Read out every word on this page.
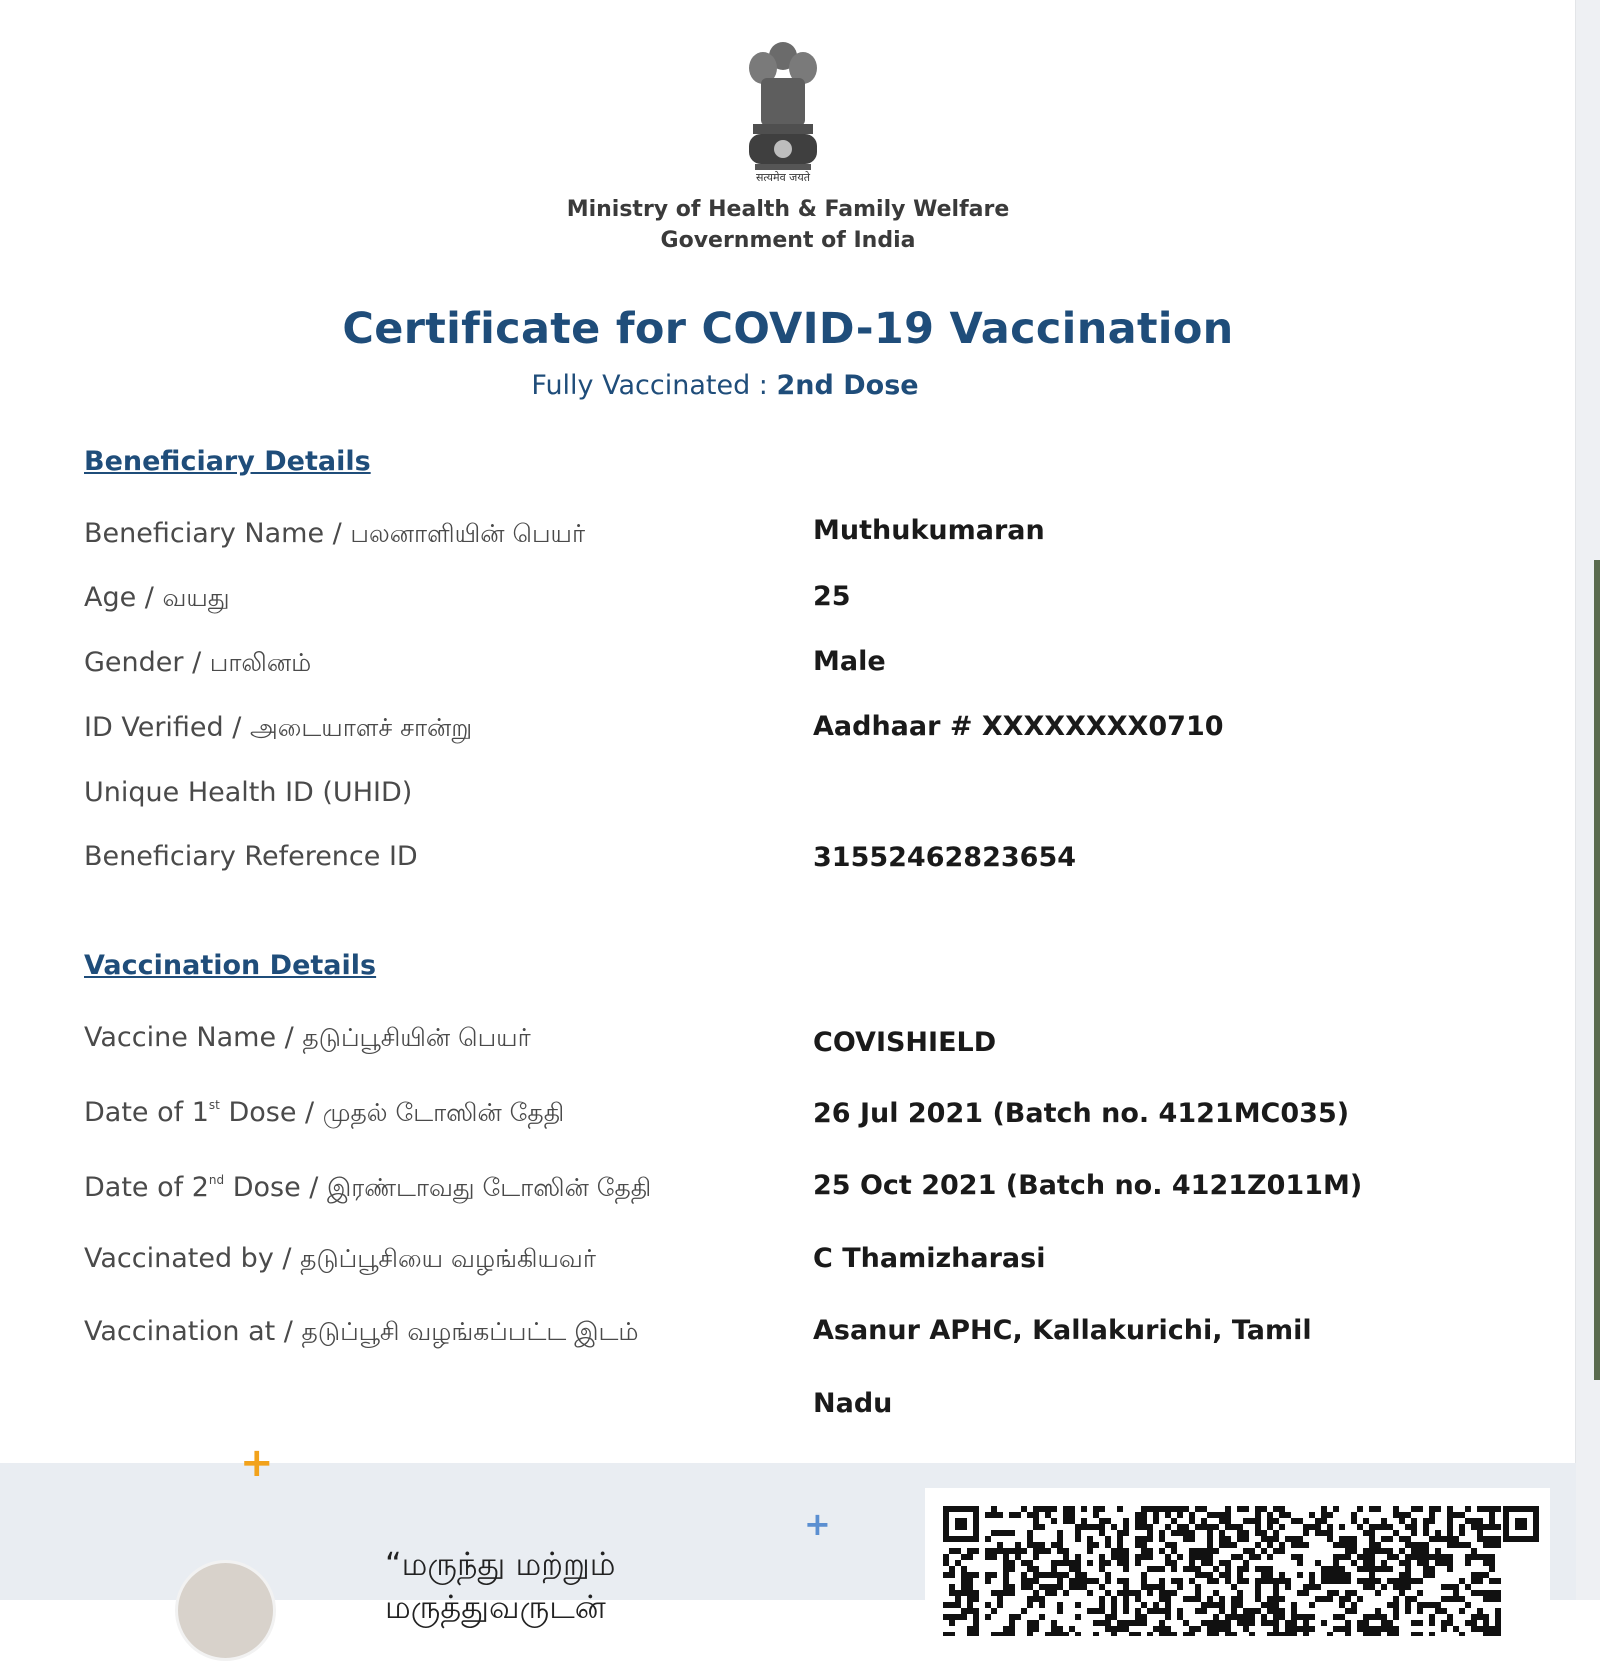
सत्यमेव जयते
Ministry of Health & Family Welfare
Government of India
Certificate for COVID-19 Vaccination
Fully Vaccinated : 2nd Dose
Beneficiary Details
Beneficiary Name / பலனாளியின் பெயர்	Muthukumaran
Age / வயது	25
Gender / பாலினம்	Male
ID Verified / அடையாளச் சான்று	Aadhaar # XXXXXXXX0710
Unique Health ID (UHID)
Beneficiary Reference ID	31552462823654
Vaccination Details
Vaccine Name / தடுப்பூசியின் பெயர்	COVISHIELD
Date of 1st Dose / முதல் டோஸின் தேதி	26 Jul 2021 (Batch no. 4121MC035)
Date of 2nd Dose / இரண்டாவது டோஸின் தேதி	25 Oct 2021 (Batch no. 4121Z011M)
Vaccinated by / தடுப்பூசியை வழங்கியவர்	C Thamizharasi
Vaccination at / தடுப்பூசி வழங்கப்பட்ட இடம்	Asanur APHC, Kallakurichi, Tamil
Nadu
+
+
“மருந்து மற்றும்
மருத்துவருடன்
